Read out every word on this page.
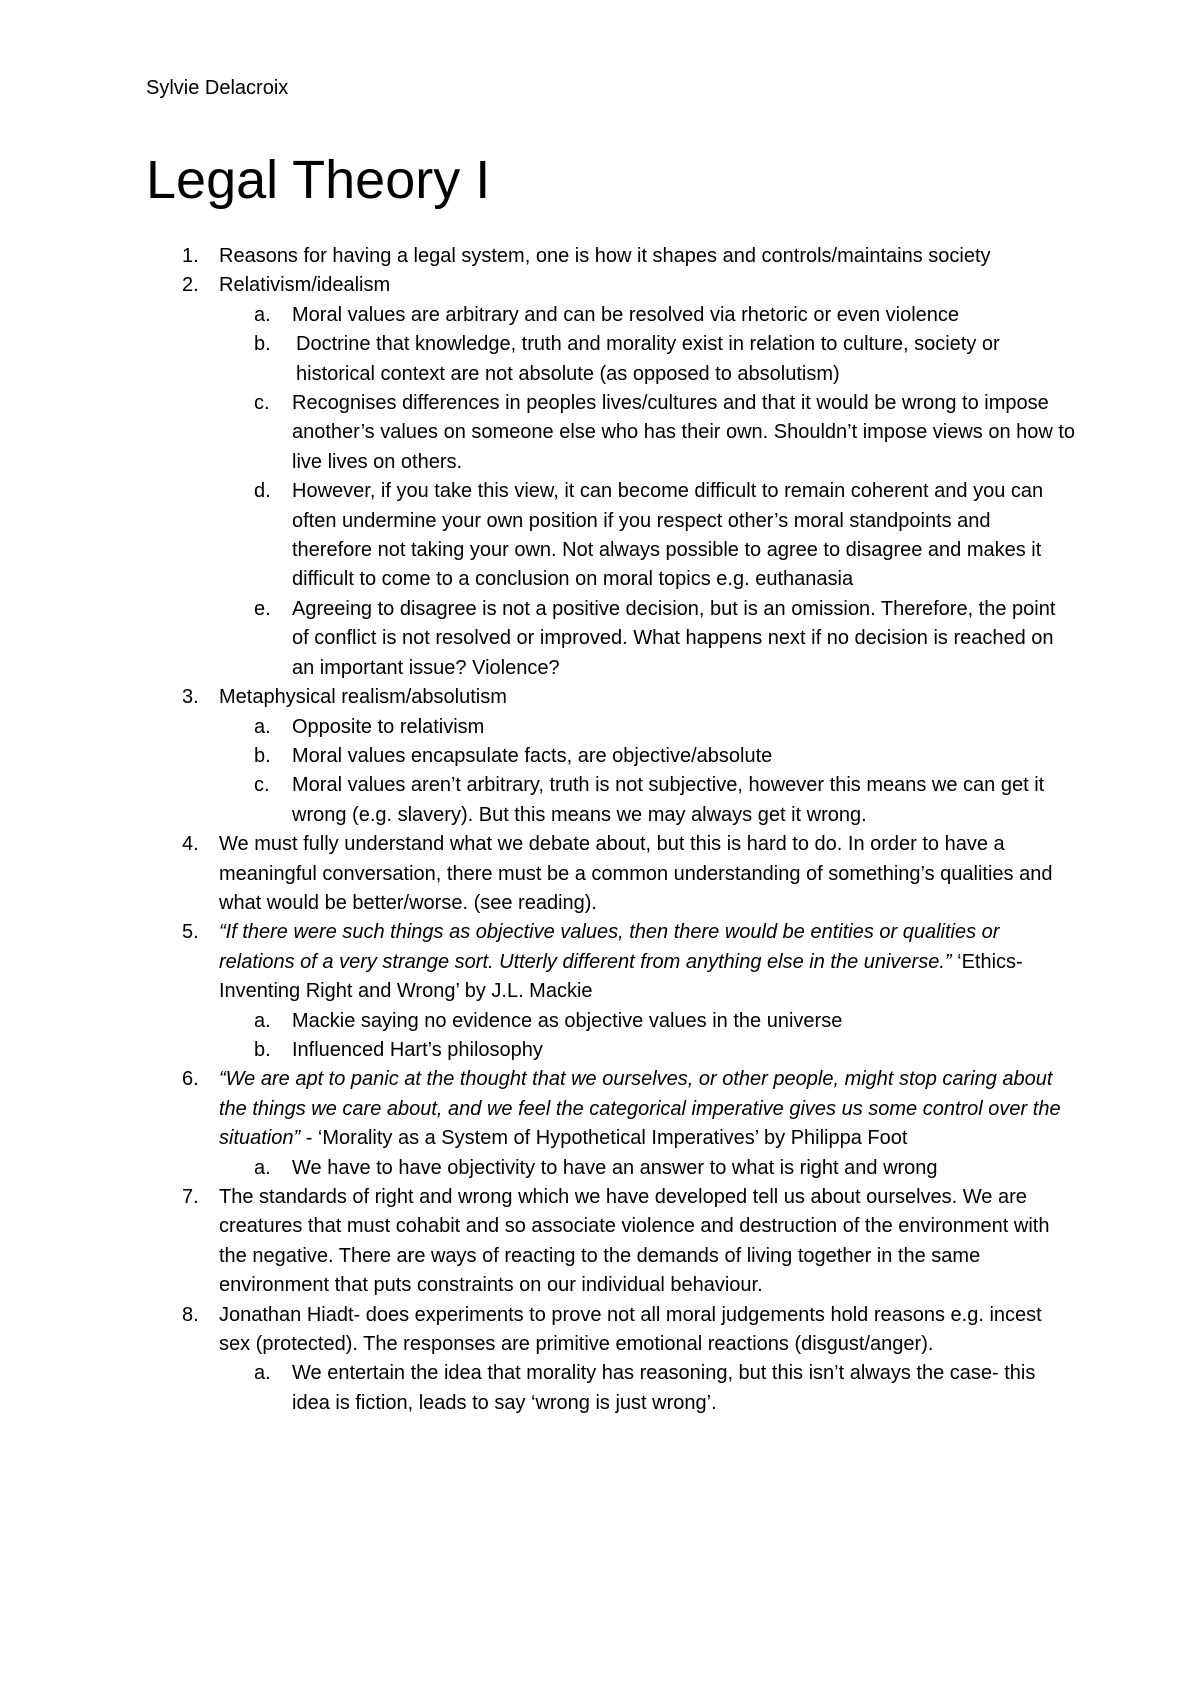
Sylvie Delacroix
Legal Theory I
1. Reasons for having a legal system, one is how it shapes and controls/maintains society
2. Relativism/idealism
a. Moral values are arbitrary and can be resolved via rhetoric or even violence
b. Doctrine that knowledge, truth and morality exist in relation to culture, society or historical context are not absolute (as opposed to absolutism)
c. Recognises differences in peoples lives/cultures and that it would be wrong to impose another’s values on someone else who has their own. Shouldn’t impose views on how to live lives on others.
d. However, if you take this view, it can become difficult to remain coherent and you can often undermine your own position if you respect other’s moral standpoints and therefore not taking your own. Not always possible to agree to disagree and makes it difficult to come to a conclusion on moral topics e.g. euthanasia
e. Agreeing to disagree is not a positive decision, but is an omission. Therefore, the point of conflict is not resolved or improved. What happens next if no decision is reached on an important issue? Violence?
3. Metaphysical realism/absolutism
a. Opposite to relativism
b. Moral values encapsulate facts, are objective/absolute
c. Moral values aren’t arbitrary, truth is not subjective, however this means we can get it wrong (e.g. slavery). But this means we may always get it wrong.
4. We must fully understand what we debate about, but this is hard to do. In order to have a meaningful conversation, there must be a common understanding of something’s qualities and what would be better/worse. (see reading).
5. “If there were such things as objective values, then there would be entities or qualities or relations of a very strange sort. Utterly different from anything else in the universe.” ‘Ethics-Inventing Right and Wrong’ by J.L. Mackie
a. Mackie saying no evidence as objective values in the universe
b. Influenced Hart’s philosophy
6. “We are apt to panic at the thought that we ourselves, or other people, might stop caring about the things we care about, and we feel the categorical imperative gives us some control over the situation” - ‘Morality as a System of Hypothetical Imperatives’ by Philippa Foot
a. We have to have objectivity to have an answer to what is right and wrong
7. The standards of right and wrong which we have developed tell us about ourselves. We are creatures that must cohabit and so associate violence and destruction of the environment with the negative. There are ways of reacting to the demands of living together in the same environment that puts constraints on our individual behaviour.
8. Jonathan Hiadt- does experiments to prove not all moral judgements hold reasons e.g. incest sex (protected). The responses are primitive emotional reactions (disgust/anger).
a. We entertain the idea that morality has reasoning, but this isn’t always the case- this idea is fiction, leads to say ‘wrong is just wrong’.
